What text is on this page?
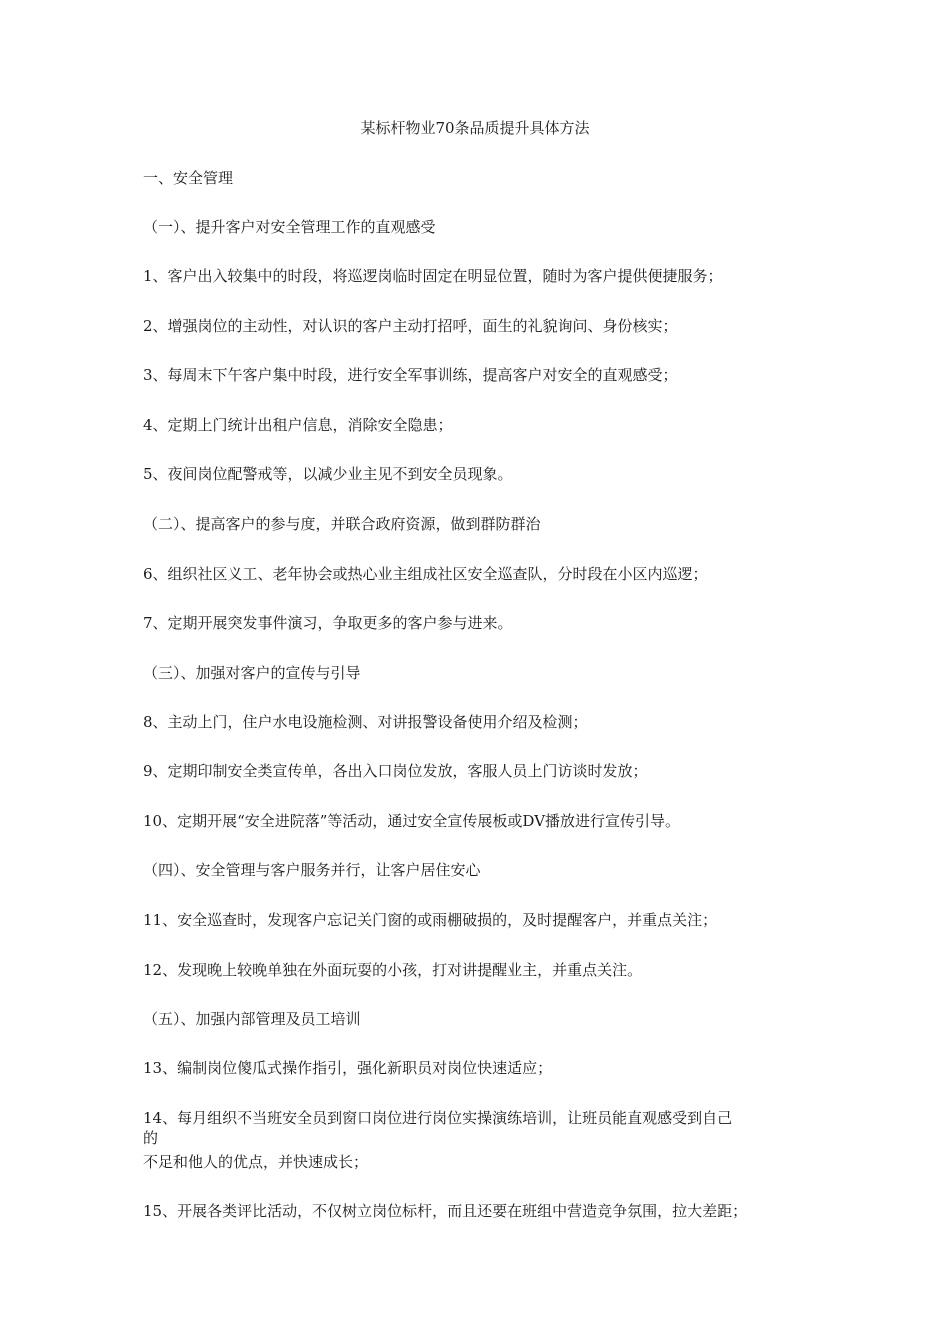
某标杆物业70条品质提升具体方法
一、安全管理
（一）、提升客户对安全管理工作的直观感受
1、客户出入较集中的时段，将巡逻岗临时固定在明显位置，随时为客户提供便捷服务；
2、增强岗位的主动性，对认识的客户主动打招呼，面生的礼貌询问、身份核实；
3、每周末下午客户集中时段，进行安全军事训练，提高客户对安全的直观感受；
4、定期上门统计出租户信息，消除安全隐患；
5、夜间岗位配警戒等，以减少业主见不到安全员现象。
（二）、提高客户的参与度，并联合政府资源，做到群防群治
6、组织社区义工、老年协会或热心业主组成社区安全巡查队，分时段在小区内巡逻；
7、定期开展突发事件演习，争取更多的客户参与进来。
（三）、加强对客户的宣传与引导
8、主动上门，住户水电设施检测、对讲报警设备使用介绍及检测；
9、定期印制安全类宣传单，各出入口岗位发放，客服人员上门访谈时发放；
10、定期开展“安全进院落”等活动，通过安全宣传展板或DV播放进行宣传引导。
（四）、安全管理与客户服务并行，让客户居住安心
11、安全巡查时，发现客户忘记关门窗的或雨棚破损的，及时提醒客户，并重点关注；
12、发现晚上较晚单独在外面玩耍的小孩，打对讲提醒业主，并重点关注。
（五）、加强内部管理及员工培训
13、编制岗位傻瓜式操作指引，强化新职员对岗位快速适应；
14、每月组织不当班安全员到窗口岗位进行岗位实操演练培训，让班员能直观感受到自己
的
不足和他人的优点，并快速成长；
15、开展各类评比活动，不仅树立岗位标杆，而且还要在班组中营造竞争氛围，拉大差距；
